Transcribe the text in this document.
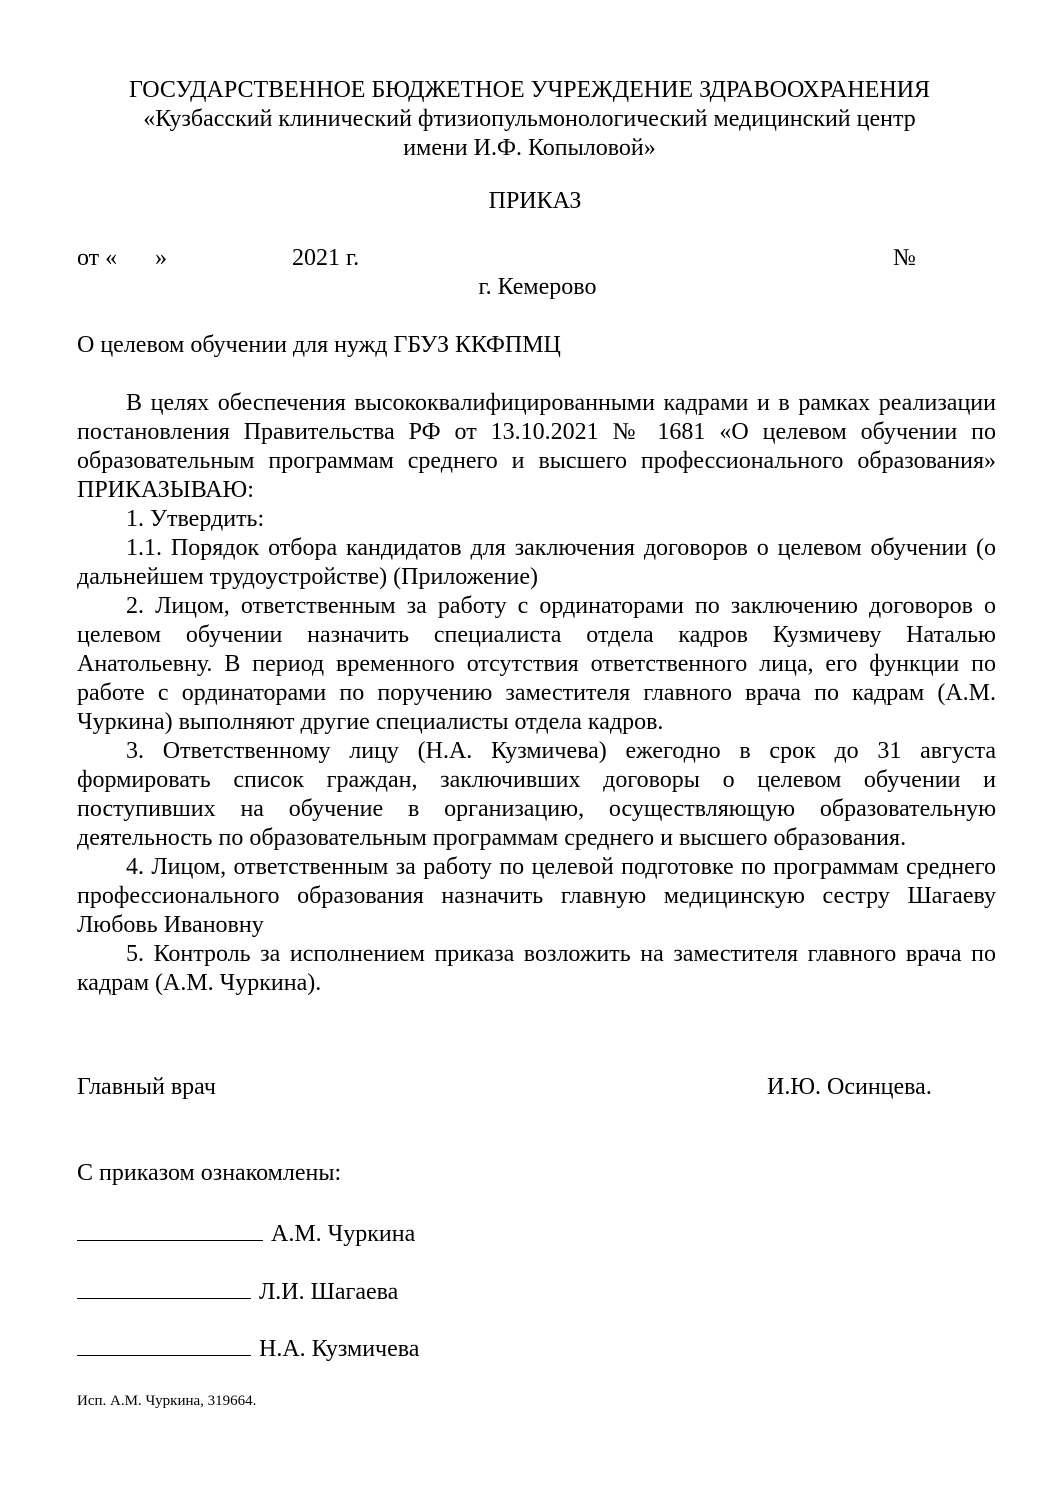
ГОСУДАРСТВЕННОЕ БЮДЖЕТНОЕ УЧРЕЖДЕНИЕ ЗДРАВООХРАНЕНИЯ
«Кузбасский клинический фтизиопульмонологический медицинский центр
имени И.Ф. Копыловой»
ПРИКАЗ
от « »	2021 г.	№
г. Кемерово
О целевом обучении для нужд ГБУЗ ККФПМЦ

В целях обеспечения высококвалифицированными кадрами и в рамках реализации постановления Правительства РФ от 13.10.2021 № 1681 «О целевом обучении по образовательным программам среднего и высшего профессионального образования» ПРИКАЗЫВАЮ:

1. Утвердить:

1.1. Порядок отбора кандидатов для заключения договоров о целевом обучении (о дальнейшем трудоустройстве) (Приложение)

2. Лицом, ответственным за работу с ординаторами по заключению договоров о целевом обучении назначить специалиста отдела кадров Кузмичеву Наталью Анатольевну. В период временного отсутствия ответственного лица, его функции по работе с ординаторами по поручению заместителя главного врача по кадрам (А.М. Чуркина) выполняют другие специалисты отдела кадров.

3. Ответственному лицу (Н.А. Кузмичева) ежегодно в срок до 31 августа формировать список граждан, заключивших договоры о целевом обучении и поступивших на обучение в организацию, осуществляющую образовательную деятельность по образовательным программам среднего и высшего образования.

4. Лицом, ответственным за работу по целевой подготовке по программам среднего профессионального образования назначить главную медицинскую сестру Шагаеву Любовь Ивановну

5. Контроль за исполнением приказа возложить на заместителя главного врача по кадрам (А.М. Чуркина).

Главный врач	И.Ю. Осинцева.
С приказом ознакомлены:
А.М. Чуркина
Л.И. Шагаева
Н.А. Кузмичева
Исп. А.М. Чуркина, 319664.
